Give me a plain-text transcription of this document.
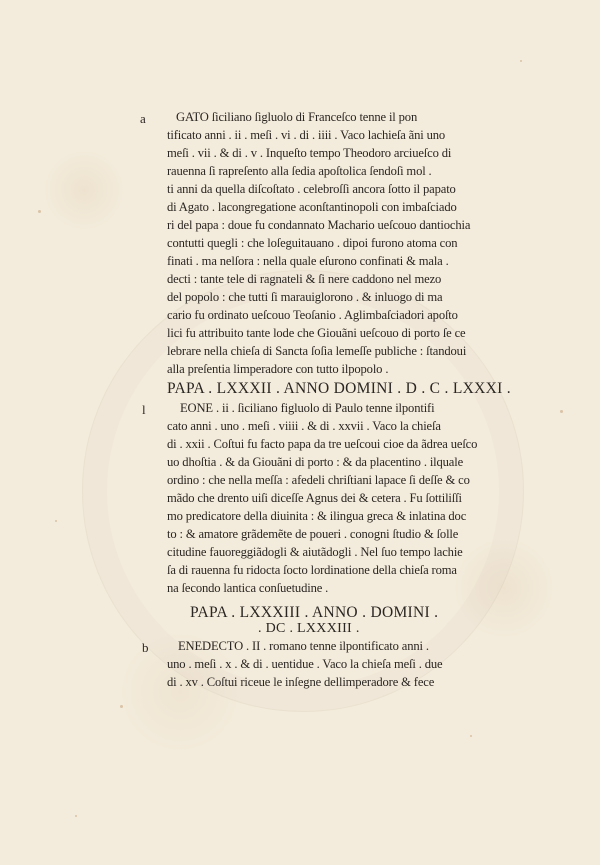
a GATO ſiciliano ſigluolo di Franceſco tenne il pon
tificato anni . ii . meſi . vi . di . iiii . Vaco lachieſa ãni uno
meſi . vii . & di . v . Inqueſto tempo Theodoro arciueſco di
rauenna ſi rapreſento alla ſedia apoſtolica ſendoſi mol .
ti anni da quella diſcoſtato . celebroſſi ancora ſotto il papato
di Agato . lacongregatione aconſtantinopoli con imbaſciado
ri del papa : doue fu condannato Machario ueſcouo dantiochia
contutti quegli : che loſeguitauano . dipoi furono atoma con
finati . ma nelſora : nella quale eſurono confinati & mala .
decti : tante tele di ragnateli & ſi nere caddono nel mezo
del popolo : che tutti ſi marauiglorono . & inluogo di ma
cario fu ordinato ueſcouo Teoſanio . Aglimbaſciadori apoſto
lici fu attribuito tante lode che Giouãni ueſcouo di porto ſe ce
lebrare nella chieſa di Sancta ſoſia lemeſſe publiche : ſtandoui
alla preſentia limperadore con tutto ilpopolo .
PAPA . LXXXII . ANNO DOMINI . D . C . LXXXI .
l	EONE . ii . ſiciliano figluolo di Paulo tenne ilpontifi
cato anni . uno . meſi . viiii . & di . xxvii . Vaco la chieſa
di . xxii . Coſtui fu facto papa da tre ueſcoui cioe da ãdrea ueſco
uo dhoſtia . & da Giouãni di porto : & da placentino . ilquale
ordino : che nella meſſa : afedeli chriſtiani lapace ſi deſſe & co
mãdo che drento uiſi diceſſe Agnus dei & cetera . Fu ſottiliſſi
mo predicatore della diuinita : & ilingua greca & inlatina doc
to : & amatore grãdemẽte de poueri . conogni ſtudio & ſolle
citudine fauoreggiãdogli & aiutãdogli . Nel ſuo tempo lachie
ſa di rauenna fu ridocta ſocto lordinatione della chieſa roma
na ſecondo lantica conſuetudine .
PAPA . LXXXIII . ANNO . DOMINI .
. DC . LXXXIII .
b ENEDECTO . II . romano tenne ilpontificato anni .
uno . meſi . x . & di . uentidue . Vaco la chieſa meſi . due
di . xv . Coſtui riceue le inſegne dellimperadore & fece
